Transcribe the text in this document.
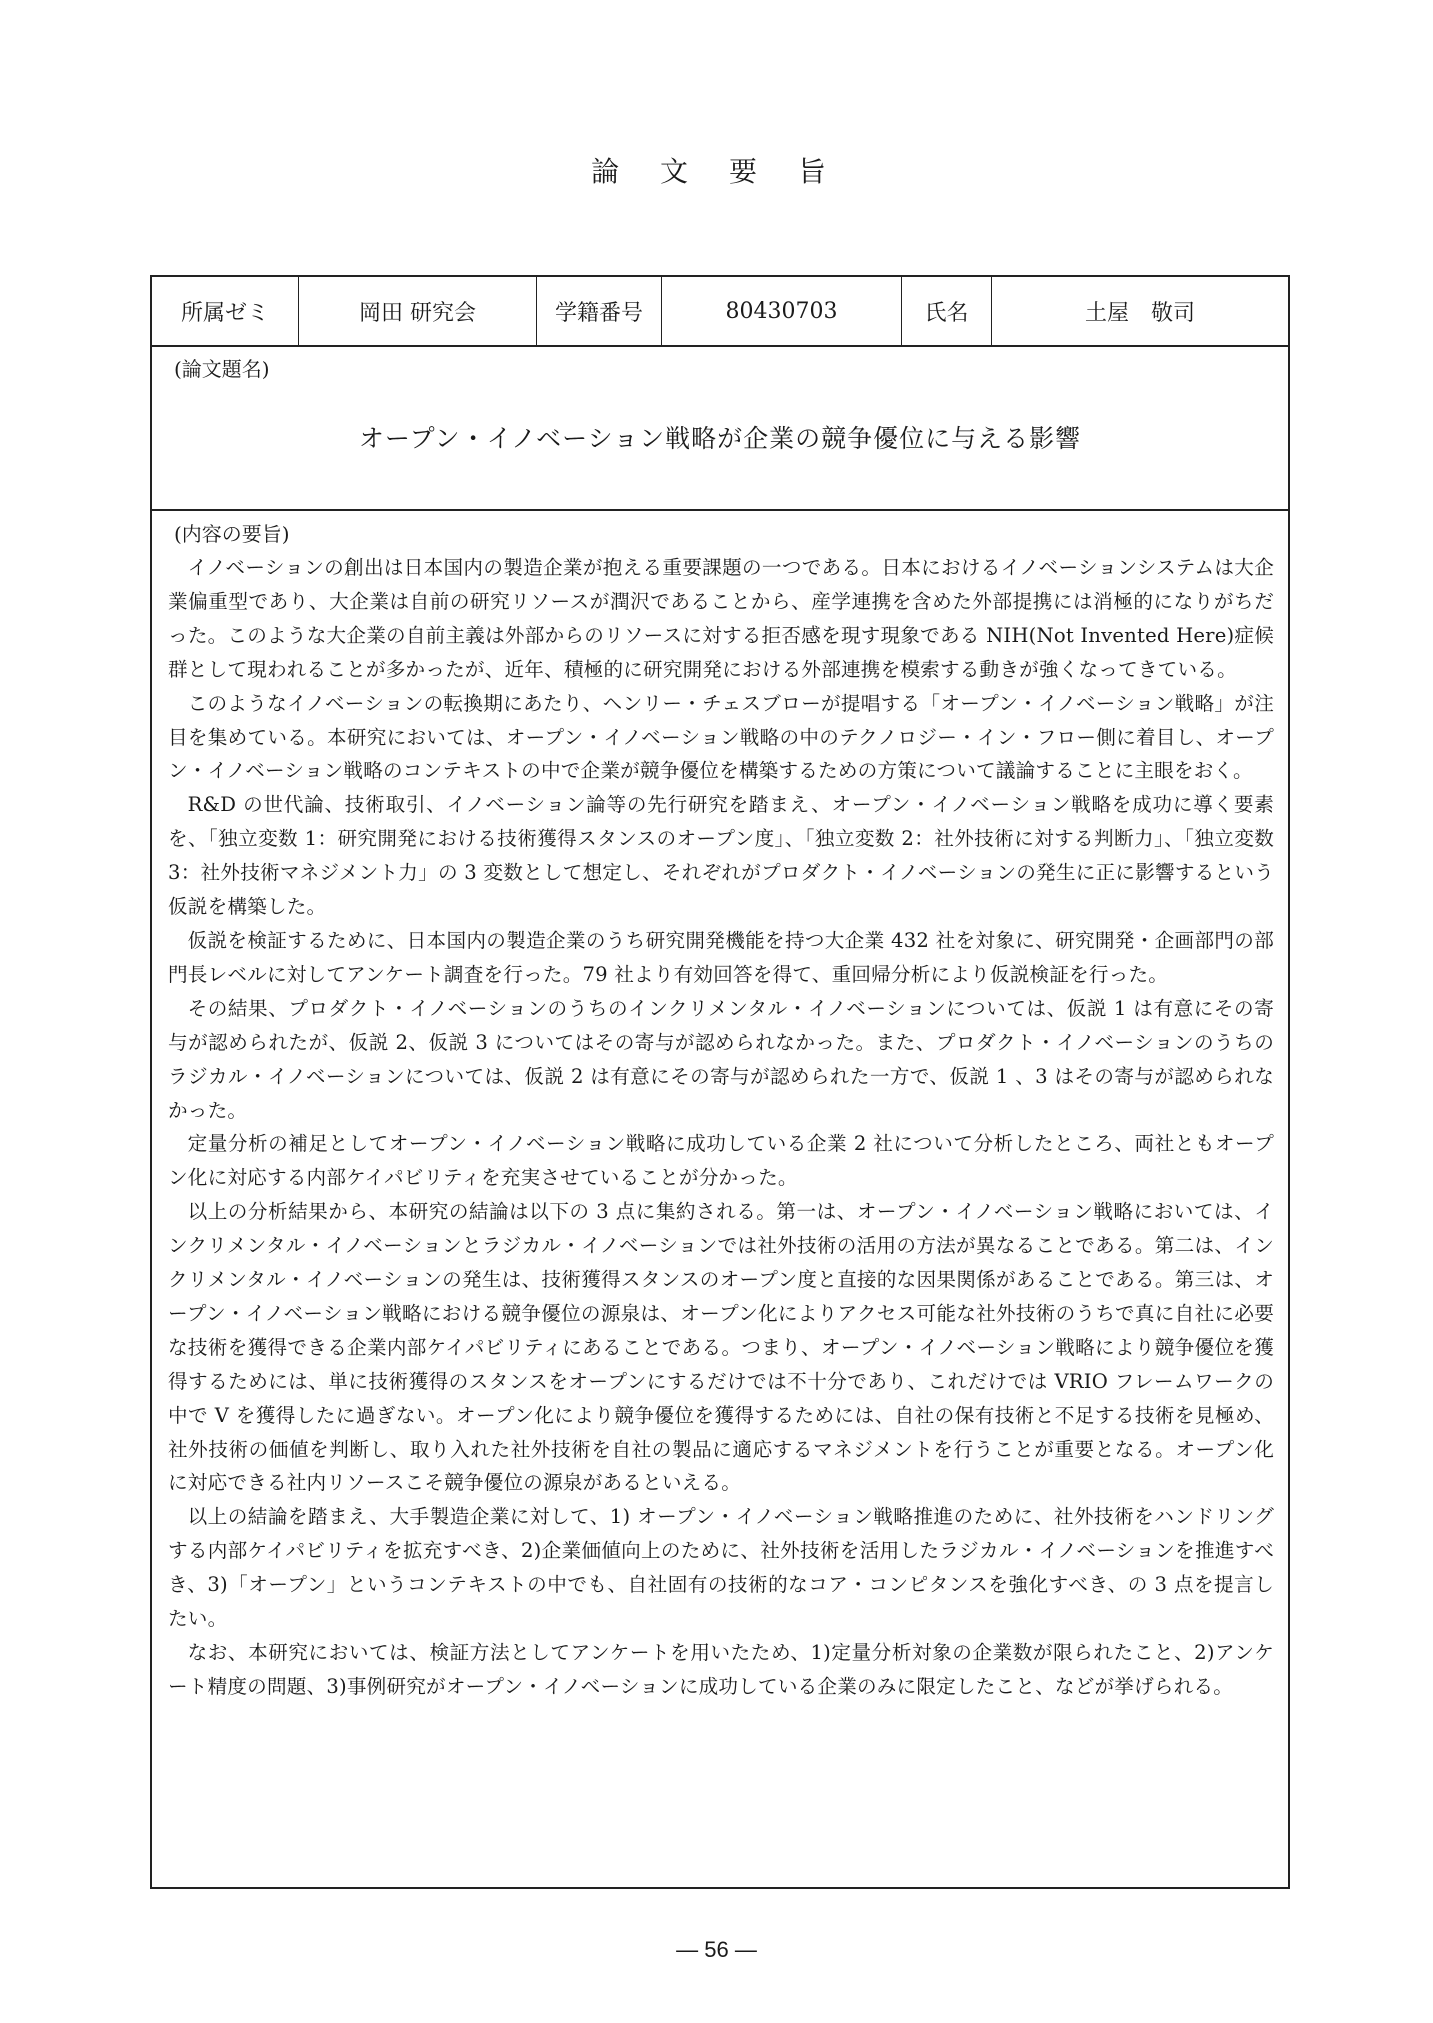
論 文 要 旨
所属ゼミ	岡田 研究会	学籍番号	80430703	氏名	土屋　敬司
(論文題名)
オープン・イノベーション戦略が企業の競争優位に与える影響
(内容の要旨)

イノベーションの創出は日本国内の製造企業が抱える重要課題の一つである。日本におけるイノベーションシステムは大企業偏重型であり、大企業は自前の研究リソースが潤沢であることから、産学連携を含めた外部提携には消極的になりがちだった。このような大企業の自前主義は外部からのリソースに対する拒否感を現す現象である NIH(Not Invented Here)症候群として現われることが多かったが、近年、積極的に研究開発における外部連携を模索する動きが強くなってきている。

このようなイノベーションの転換期にあたり、ヘンリー・チェスブローが提唱する「オープン・イノベーション戦略」が注目を集めている。本研究においては、オープン・イノベーション戦略の中のテクノロジー・イン・フロー側に着目し、オープン・イノベーション戦略のコンテキストの中で企業が競争優位を構築するための方策について議論することに主眼をおく。

R&D の世代論、技術取引、イノベーション論等の先行研究を踏まえ、オープン・イノベーション戦略を成功に導く要素を、「独立変数 1：研究開発における技術獲得スタンスのオープン度」、「独立変数 2：社外技術に対する判断力」、「独立変数 3：社外技術マネジメント力」の 3 変数として想定し、それぞれがプロダクト・イノベーションの発生に正に影響するという仮説を構築した。

仮説を検証するために、日本国内の製造企業のうち研究開発機能を持つ大企業 432 社を対象に、研究開発・企画部門の部門長レベルに対してアンケート調査を行った。79 社より有効回答を得て、重回帰分析により仮説検証を行った。

その結果、プロダクト・イノベーションのうちのインクリメンタル・イノベーションについては、仮説 1 は有意にその寄与が認められたが、仮説 2、仮説 3 についてはその寄与が認められなかった。また、プロダクト・イノベーションのうちのラジカル・イノベーションについては、仮説 2 は有意にその寄与が認められた一方で、仮説 1 、3 はその寄与が認められなかった。

定量分析の補足としてオープン・イノベーション戦略に成功している企業 2 社について分析したところ、両社ともオープン化に対応する内部ケイパビリティを充実させていることが分かった。

以上の分析結果から、本研究の結論は以下の 3 点に集約される。第一は、オープン・イノベーション戦略においては、インクリメンタル・イノベーションとラジカル・イノベーションでは社外技術の活用の方法が異なることである。第二は、インクリメンタル・イノベーションの発生は、技術獲得スタンスのオープン度と直接的な因果関係があることである。第三は、オープン・イノベーション戦略における競争優位の源泉は、オープン化によりアクセス可能な社外技術のうちで真に自社に必要な技術を獲得できる企業内部ケイパビリティにあることである。つまり、オープン・イノベーション戦略により競争優位を獲得するためには、単に技術獲得のスタンスをオープンにするだけでは不十分であり、これだけでは VRIO フレームワークの中で V を獲得したに過ぎない。オープン化により競争優位を獲得するためには、自社の保有技術と不足する技術を見極め、社外技術の価値を判断し、取り入れた社外技術を自社の製品に適応するマネジメントを行うことが重要となる。オープン化に対応できる社内リソースこそ競争優位の源泉があるといえる。

以上の結論を踏まえ、大手製造企業に対して、1) オープン・イノベーション戦略推進のために、社外技術をハンドリングする内部ケイパビリティを拡充すべき、2)企業価値向上のために、社外技術を活用したラジカル・イノベーションを推進すべき、3)「オープン」というコンテキストの中でも、自社固有の技術的なコア・コンピタンスを強化すべき、の 3 点を提言したい。

なお、本研究においては、検証方法としてアンケートを用いたため、1)定量分析対象の企業数が限られたこと、2)アンケート精度の問題、3)事例研究がオープン・イノベーションに成功している企業のみに限定したこと、などが挙げられる。

— 56 —
